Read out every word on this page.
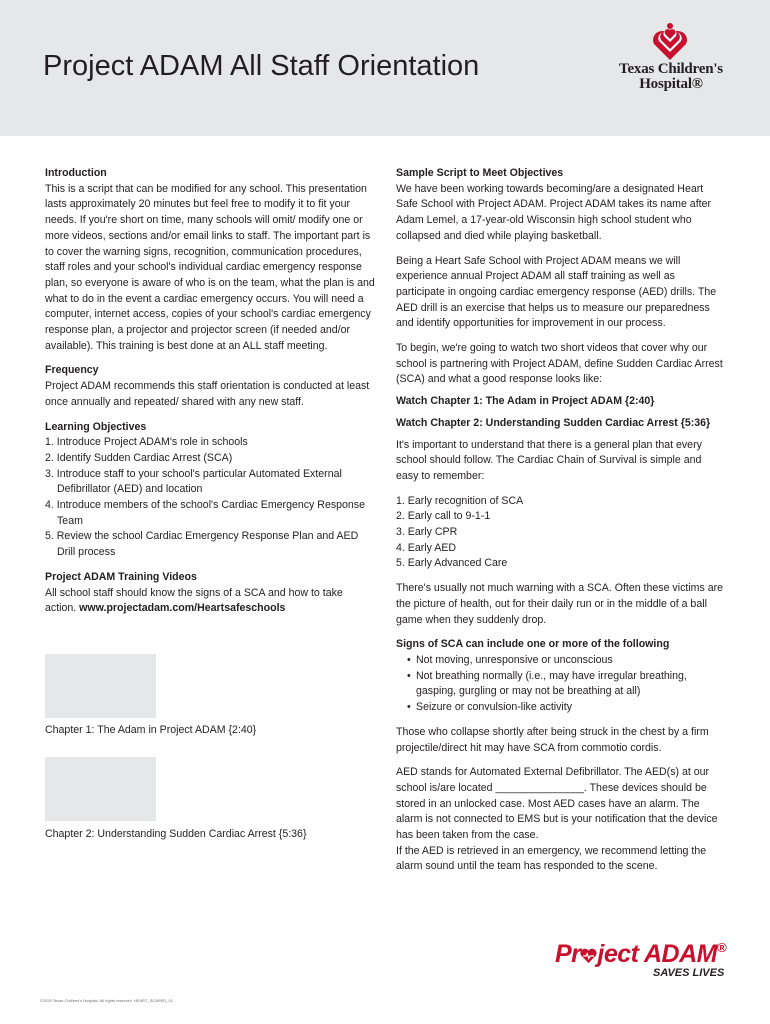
Project ADAM All Staff Orientation	Texas Children's
Hospital®

Introduction

This is a script that can be modified for any school. This presentation lasts approximately 20 minutes but feel free to modify it to fit your needs. If you're short on time, many schools will omit/ modify one or more videos, sections and/or email links to staff. The important part is to cover the warning signs, recognition, communication procedures, staff roles and your school's individual cardiac emergency response plan, so everyone is aware of who is on the team, what the plan is and what to do in the event a cardiac emergency occurs. You will need a computer, internet access, copies of your school's cardiac emergency response plan, a projector and projector screen (if needed and/or available). This training is best done at an ALL staff meeting.

Frequency

Project ADAM recommends this staff orientation is conducted at least once annually and repeated/ shared with any new staff.

Learning Objectives

1. Introduce Project ADAM's role in schools
2. Identify Sudden Cardiac Arrest (SCA)
3. Introduce staff to your school's particular Automated External Defibrillator (AED) and location
4. Introduce members of the school's Cardiac Emergency Response Team
5. Review the school Cardiac Emergency Response Plan and AED Drill process

Project ADAM Training Videos

All school staff should know the signs of a SCA and how to take action. www.projectadam.com/Heartsafeschools

Chapter 1: The Adam in Project ADAM {2:40}
Chapter 2: Understanding Sudden Cardiac Arrest {5:36}

Sample Script to Meet Objectives

We have been working towards becoming/are a designated Heart Safe School with Project ADAM. Project ADAM takes its name after Adam Lemel, a 17-year-old Wisconsin high school student who collapsed and died while playing basketball.

Being a Heart Safe School with Project ADAM means we will experience annual Project ADAM all staff training as well as participate in ongoing cardiac emergency response (AED) drills. The AED drill is an exercise that helps us to measure our preparedness and identify opportunities for improvement in our process.

To begin, we're going to watch two short videos that cover why our school is partnering with Project ADAM, define Sudden Cardiac Arrest (SCA) and what a good response looks like:

Watch Chapter 1: The Adam in Project ADAM {2:40}

Watch Chapter 2: Understanding Sudden Cardiac Arrest {5:36}

It's important to understand that there is a general plan that every school should follow. The Cardiac Chain of Survival is simple and easy to remember:

1. Early recognition of SCA
2. Early call to 9-1-1
3. Early CPR
4. Early AED
5. Early Advanced Care

There's usually not much warning with a SCA. Often these victims are the picture of health, out for their daily run or in the middle of a ball game when they suddenly drop.

Signs of SCA can include one or more of the following

• Not moving, unresponsive or unconscious
• Not breathing normally (i.e., may have irregular breathing, gasping, gurgling or may not be breathing at all)
• Seizure or convulsion-like activity

Those who collapse shortly after being struck in the chest by a firm projectile/direct hit may have SCA from commotio cordis.

AED stands for Automated External Defibrillator. The AED(s) at our school is/are located _______________. These devices should be stored in an unlocked case. Most AED cases have an alarm. The alarm is not connected to EMS but is your notification that the device has been taken from the case.

If the AED is retrieved in an emergency, we recommend letting the alarm sound until the team has responded to the scene.

Pr ject ADAM®
SAVES LIVES
©2020 Texas Children's Hospital. All rights reserved. HEART_SCARED_01
